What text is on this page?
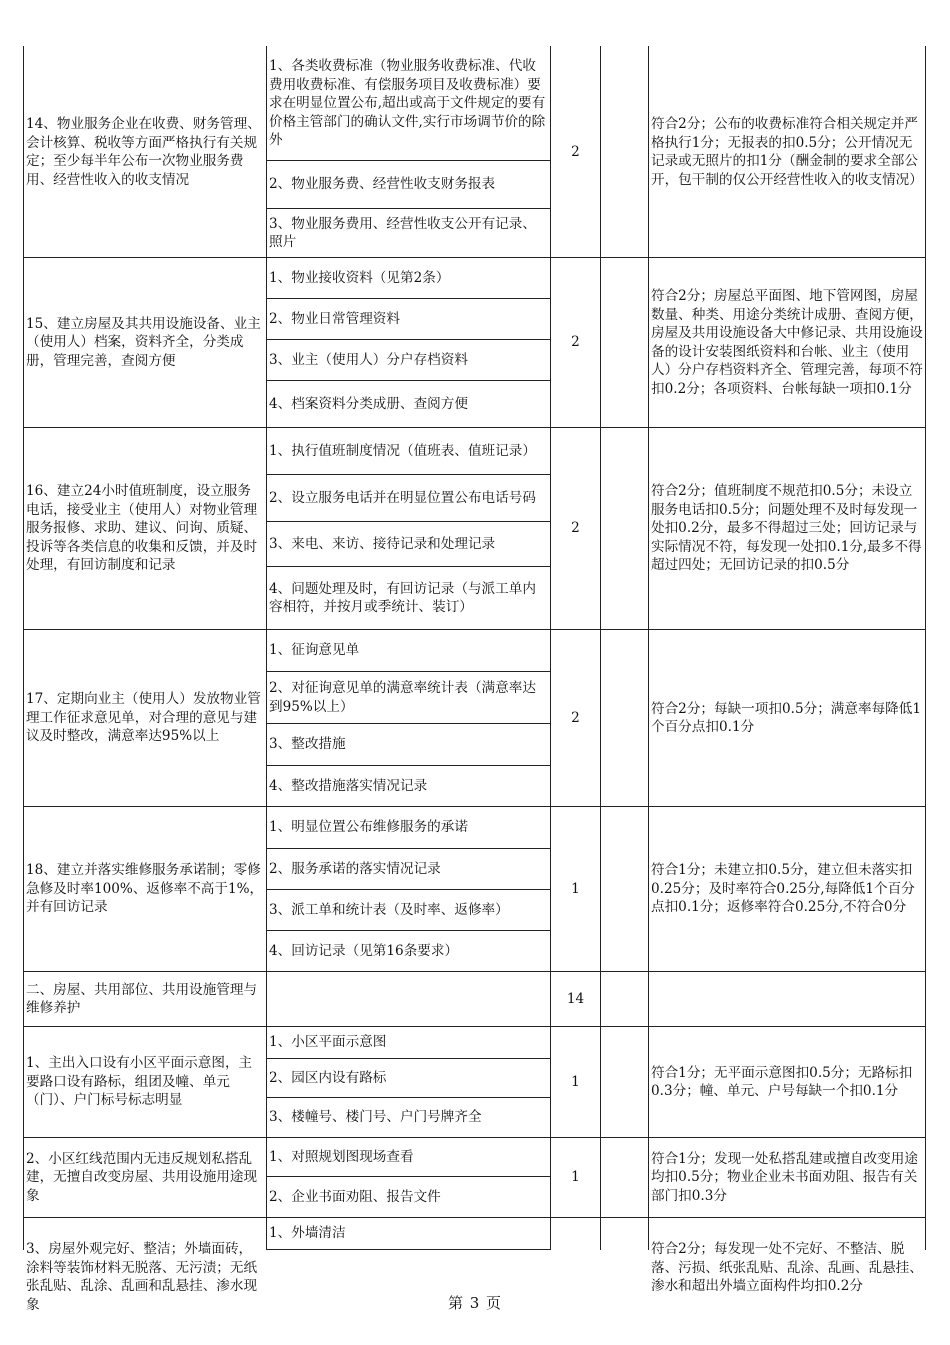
14、物业服务企业在收费、财务管理、会计核算、税收等方面严格执行有关规定；至少每半年公布一次物业服务费用、经营性收入的收支情况
1、各类收费标准（物业服务收费标准、代收费用收费标准、有偿服务项目及收费标准）要求在明显位置公布,超出或高于文件规定的要有价格主管部门的确认文件,实行市场调节价的除外
2、物业服务费、经营性收支财务报表
3、物业服务费用、经营性收支公开有记录、照片
2
符合2分；公布的收费标准符合相关规定并严格执行1分；无报表的扣0.5分；公开情况无记录或无照片的扣1分（酬金制的要求全部公开，包干制的仅公开经营性收入的收支情况）
15、建立房屋及其共用设施设备、业主（使用人）档案，资料齐全，分类成册，管理完善，查阅方便
1、物业接收资料（见第2条）
2、物业日常管理资料
3、业主（使用人）分户存档资料
4、档案资料分类成册、查阅方便
2
符合2分；房屋总平面图、地下管网图，房屋数量、种类、用途分类统计成册、查阅方便，房屋及共用设施设备大中修记录、共用设施设备的设计安装图纸资料和台帐、业主（使用人）分户存档资料齐全、管理完善，每项不符扣0.2分；各项资料、台帐每缺一项扣0.1分
16、建立24小时值班制度，设立服务电话，接受业主（使用人）对物业管理服务报修、求助、建议、问询、质疑、投诉等各类信息的收集和反馈，并及时处理，有回访制度和记录
1、执行值班制度情况（值班表、值班记录）
2、设立服务电话并在明显位置公布电话号码
3、来电、来访、接待记录和处理记录
4、问题处理及时，有回访记录（与派工单内容相符，并按月或季统计、装订）
2
符合2分；值班制度不规范扣0.5分；未设立服务电话扣0.5分；问题处理不及时每发现一处扣0.2分，最多不得超过三处；回访记录与实际情况不符，每发现一处扣0.1分,最多不得超过四处；无回访记录的扣0.5分
17、定期向业主（使用人）发放物业管理工作征求意见单，对合理的意见与建议及时整改，满意率达95%以上
1、征询意见单
2、对征询意见单的满意率统计表（满意率达到95%以上）
3、整改措施
4、整改措施落实情况记录
2
符合2分；每缺一项扣0.5分；满意率每降低1个百分点扣0.1分
18、建立并落实维修服务承诺制；零修急修及时率100%、返修率不高于1%，并有回访记录
1、明显位置公布维修服务的承诺
2、服务承诺的落实情况记录
3、派工单和统计表（及时率、返修率）
4、回访记录（见第16条要求）
1
符合1分；未建立扣0.5分，建立但未落实扣0.25分；及时率符合0.25分,每降低1个百分点扣0.1分；返修率符合0.25分,不符合0分
二、房屋、共用部位、共用设施管理与维修养护
14
1、主出入口设有小区平面示意图，主要路口设有路标，组团及幢、单元（门）、户门标号标志明显
1、小区平面示意图
2、园区内设有路标
3、楼幢号、楼门号、户门号牌齐全
1
符合1分；无平面示意图扣0.5分；无路标扣0.3分；幢、单元、户号每缺一个扣0.1分
2、小区红线范围内无违反规划私搭乱建，无擅自改变房屋、共用设施用途现象
1、对照规划图现场查看
2、企业书面劝阻、报告文件
1
符合1分；发现一处私搭乱建或擅自改变用途均扣0.5分；物业企业未书面劝阻、报告有关部门扣0.3分
3、房屋外观完好、整洁；外墙面砖，涂料等装饰材料无脱落、无污渍；无纸张乱贴、乱涂、乱画和乱悬挂、渗水现象
1、外墙清洁
符合2分；每发现一处不完好、不整洁、脱落、污损、纸张乱贴、乱涂、乱画、乱悬挂、渗水和超出外墙立面构件均扣0.2分
第 3 页
